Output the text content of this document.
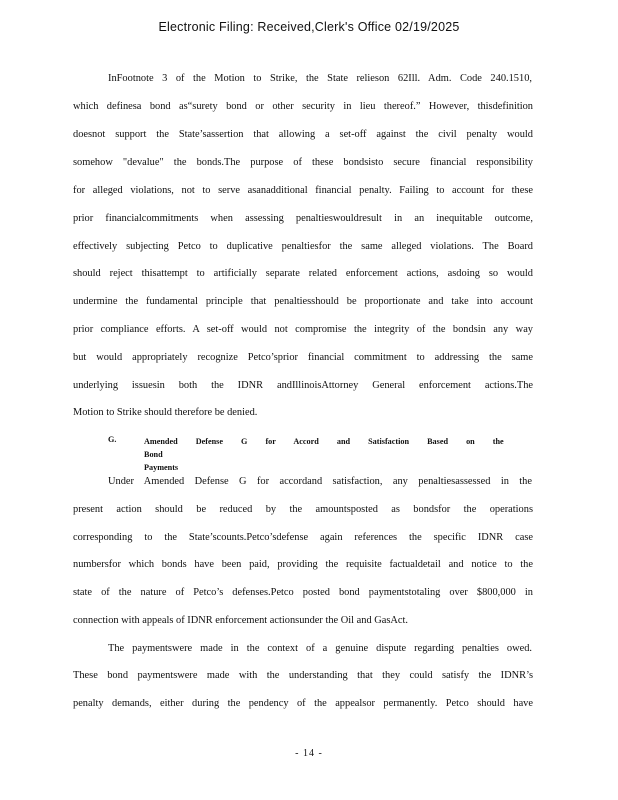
Electronic Filing: Received,Clerk's Office 02/19/2025
InFootnote 3 of the Motion to Strike, the State relieson 62Ill. Adm. Code 240.1510,
which definesa bond as“surety bond or other security in lieu thereof.” However, thisdefinition
doesnot support the State’sassertion that allowing a set-off against the civil penalty would
somehow "devalue" the bonds.The purpose of these bondsisto secure financial responsibility
for alleged violations, not to serve asanadditional financial penalty. Failing to account for these
prior financialcommitments when assessing penaltieswouldresult in an inequitable outcome,
effectively subjecting Petco to duplicative penaltiesfor the same alleged violations. The Board
should reject thisattempt to artificially separate related enforcement actions, asdoing so would
undermine the fundamental principle that penaltiesshould be proportionate and take into account
prior compliance efforts. A set-off would not compromise the integrity of the bondsin any way
but would appropriately recognize Petco’sprior financial commitment to addressing the same
underlying issuesin both the IDNR andIllinoisAttorney General enforcement actions.The
Motion to Strike should therefore be denied.
G.	Amended Defense G for Accord and Satisfaction Based on the Bond
Payments
Under Amended Defense G for accordand satisfaction, any penaltiesassessed in the
present action should be reduced by the amountsposted as bondsfor the operations
corresponding to the State’scounts.Petco’sdefense again references the specific IDNR case
numbersfor which bonds have been paid, providing the requisite factualdetail and notice to the
state of the nature of Petco’s defenses.Petco posted bond paymentstotaling over $800,000 in
connection with appeals of IDNR enforcement actionsunder the Oil and GasAct.
The paymentswere made in the context of a genuine dispute regarding penalties owed.
These bond paymentswere made with the understanding that they could satisfy the IDNR’s
penalty demands, either during the pendency of the appealsor permanently. Petco should have
- 14 -
